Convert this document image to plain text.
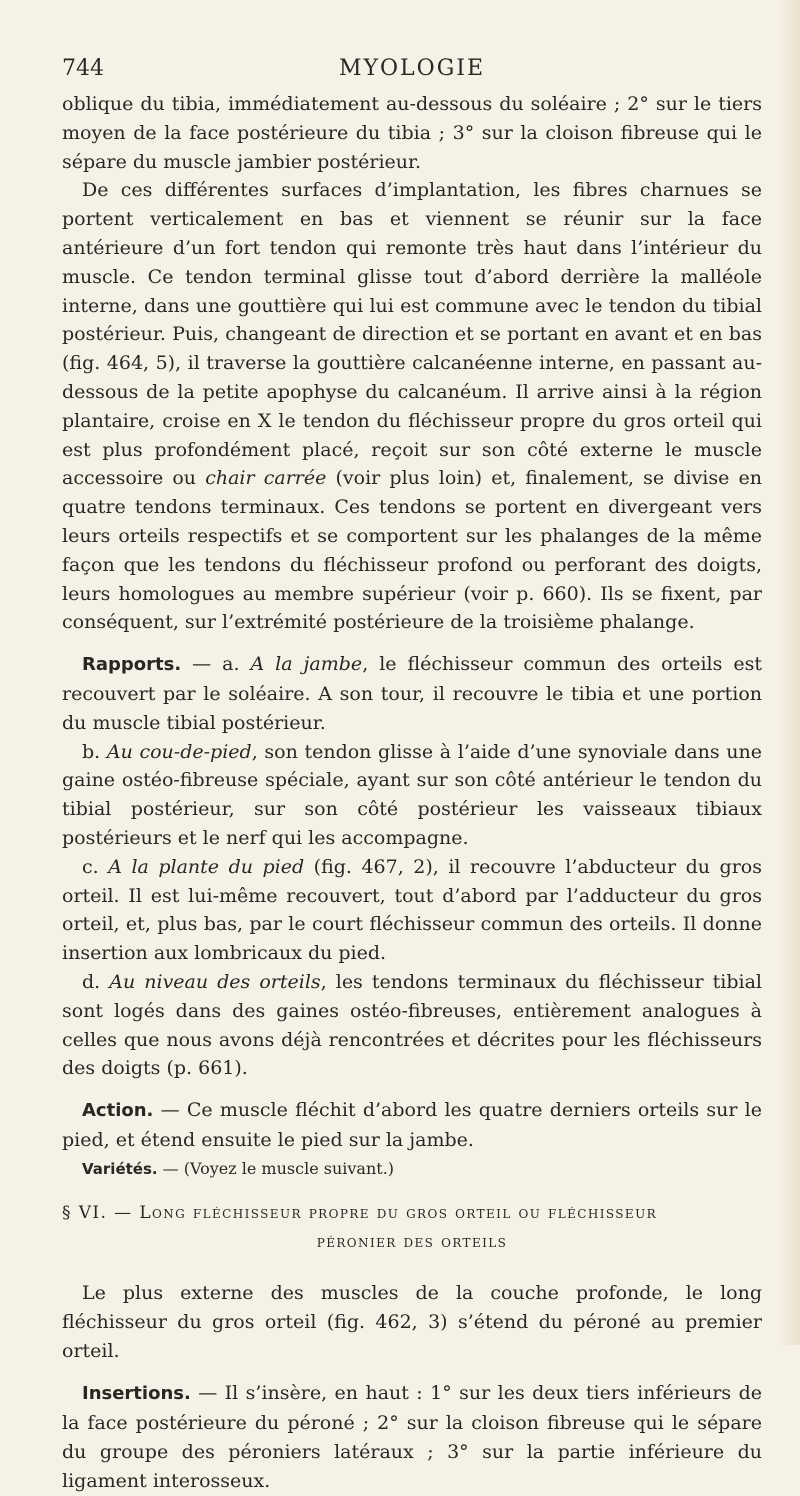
744	MYOLOGIE

oblique du tibia, immédiatement au-dessous du soléaire ; 2° sur le tiers moyen de la face postérieure du tibia ; 3° sur la cloison fibreuse qui le sépare du muscle jambier postérieur.

De ces différentes surfaces d’implantation, les fibres charnues se portent verticalement en bas et viennent se réunir sur la face antérieure d’un fort tendon qui remonte très haut dans l’intérieur du muscle. Ce tendon terminal glisse tout d’abord derrière la malléole interne, dans une gouttière qui lui est commune avec le tendon du tibial postérieur. Puis, changeant de direction et se portant en avant et en bas (fig. 464, 5), il traverse la gouttière calcanéenne interne, en passant au-dessous de la petite apophyse du calcanéum. Il arrive ainsi à la région plantaire, croise en X le tendon du fléchisseur propre du gros orteil qui est plus profondément placé, reçoit sur son côté externe le muscle accessoire ou chair carrée (voir plus loin) et, finalement, se divise en quatre tendons terminaux. Ces tendons se portent en divergeant vers leurs orteils respectifs et se comportent sur les phalanges de la même façon que les tendons du fléchisseur profond ou perforant des doigts, leurs homologues au membre supérieur (voir p. 660). Ils se fixent, par conséquent, sur l’extrémité postérieure de la troisième phalange.

Rapports. — a. A la jambe, le fléchisseur commun des orteils est recouvert par le soléaire. A son tour, il recouvre le tibia et une portion du muscle tibial postérieur.

b. Au cou-de-pied, son tendon glisse à l’aide d’une synoviale dans une gaine ostéo-fibreuse spéciale, ayant sur son côté antérieur le tendon du tibial postérieur, sur son côté postérieur les vaisseaux tibiaux postérieurs et le nerf qui les accompagne.

c. A la plante du pied (fig. 467, 2), il recouvre l’abducteur du gros orteil. Il est lui-même recouvert, tout d’abord par l’adducteur du gros orteil, et, plus bas, par le court fléchisseur commun des orteils. Il donne insertion aux lombricaux du pied.

d. Au niveau des orteils, les tendons terminaux du fléchisseur tibial sont logés dans des gaines ostéo-fibreuses, entièrement analogues à celles que nous avons déjà rencontrées et décrites pour les fléchisseurs des doigts (p. 661).

Action. — Ce muscle fléchit d’abord les quatre derniers orteils sur le pied, et étend ensuite le pied sur la jambe.

Variétés. — (Voyez le muscle suivant.)

§ VI. — Long fléchisseur propre du gros orteil ou fléchisseur

péronier des orteils

Le plus externe des muscles de la couche profonde, le long fléchisseur du gros orteil (fig. 462, 3) s’étend du péroné au premier orteil.

Insertions. — Il s’insère, en haut : 1° sur les deux tiers inférieurs de la face postérieure du péroné ; 2° sur la cloison fibreuse qui le sépare du groupe des péroniers latéraux ; 3° sur la partie inférieure du ligament interosseux.
